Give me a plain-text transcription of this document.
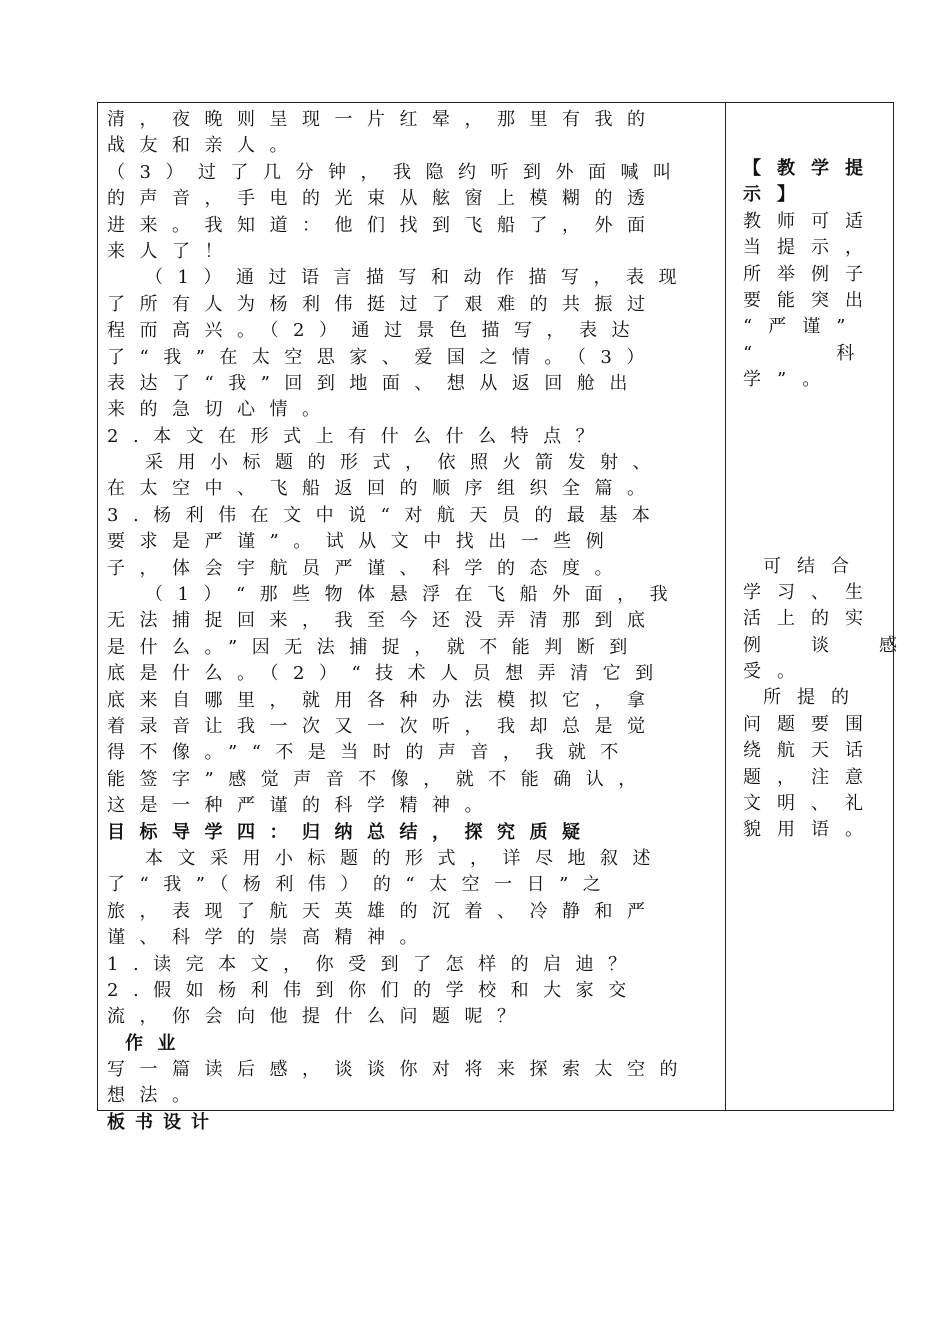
清，夜晚则呈现一片红晕，那里有我的
战友和亲人。
（3）过了几分钟，我隐约听到外面喊叫
的声音，手电的光束从舷窗上模糊的透
进来。我知道：他们找到飞船了，外面
来人了！
（1）通过语言描写和动作描写，表现
了所有人为杨利伟挺过了艰难的共振过
程而高兴。（2）通过景色描写，表达
了“我”在太空思家、爱国之情。（3）
表达了“我”回到地面、想从返回舱出
来的急切心情。
2.本文在形式上有什么什么特点？
采用小标题的形式，依照火箭发射、
在太空中、飞船返回的顺序组织全篇。
3.杨利伟在文中说“对航天员的最基本
要求是严谨”。试从文中找出一些例
子，体会宇航员严谨、科学的态度。
（1）“那些物体悬浮在飞船外面，我
无法捕捉回来，我至今还没弄清那到底
是什么。”因无法捕捉，就不能判断到
底是什么。（2）“技术人员想弄清它到
底来自哪里，就用各种办法模拟它，拿
着录音让我一次又一次听，我却总是觉
得不像。”“不是当时的声音，我就不
能签字”感觉声音不像，就不能确认，
这是一种严谨的科学精神。
目标导学四：归纳总结，探究质疑
本文采用小标题的形式，详尽地叙述
了“我”（杨利伟）的“太空一日”之
旅，表现了航天英雄的沉着、冷静和严
谨、科学的崇高精神。
1.读完本文，你受到了怎样的启迪？
2.假如杨利伟到你们的学校和大家交
流，你会向他提什么问题呢？
作业
写一篇读后感，谈谈你对将来探索太空的
想法。

【教学提
示】
教师可适
当提示，
所举例子
要能突出
“严谨”
“　　科
学”。
可结合
学习、生
活上的实
例　谈　感
受。
所提的
问题要围
绕航天话
题，注意
文明、礼
貌用语。
板书设计
